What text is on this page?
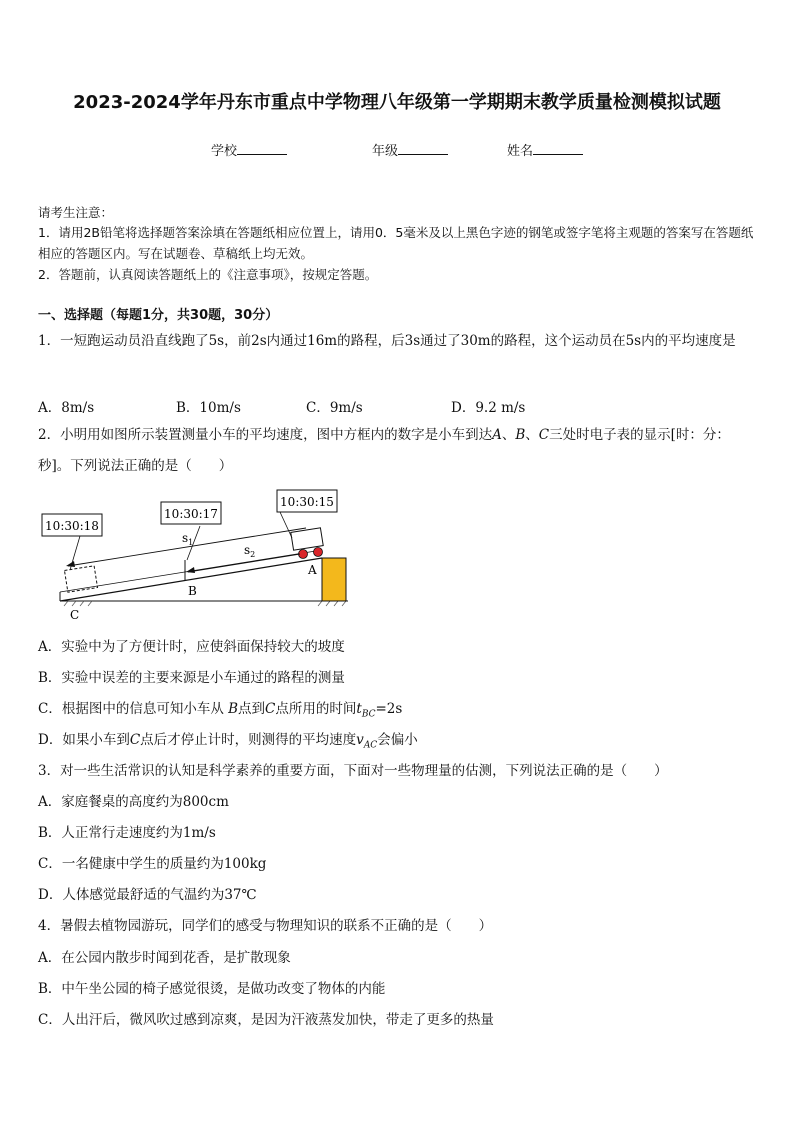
2023-2024学年丹东市重点中学物理八年级第一学期期末教学质量检测模拟试题
学校	年级	姓名
请考生注意：
1．请用2B铅笔将选择题答案涂填在答题纸相应位置上，请用0．5毫米及以上黑色字迹的钢笔或签字笔将主观题的答案写在答题纸相应的答题区内。写在试题卷、草稿纸上均无效。
2．答题前，认真阅读答题纸上的《注意事项》，按规定答题。
一、选择题（每题1分，共30题，30分）
1．一短跑运动员沿直线跑了5s，前2s内通过16m的路程，后3s通过了30m的路程，这个运动员在5s内的平均速度是
A．8m/s	B．10m/s	C．9m/s	D．9.2 m/s
2．小明用如图所示装置测量小车的平均速度，图中方框内的数字是小车到达A、B、C三处时电子表的显示[时：分：秒]。下列说法正确的是（　　）
10:30:18
10:30:17
10:30:15
$s_1$
$s_2$
A
B
C
A．实验中为了方便计时，应使斜面保持较大的坡度
B．实验中误差的主要来源是小车通过的路程的测量
C．根据图中的信息可知小车从 B点到C点所用的时间$t_{BC}=2s$
D．如果小车到C点后才停止计时，则测得的平均速度$v_{AC}$会偏小
3．对一些生活常识的认知是科学素养的重要方面，下面对一些物理量的估测，下列说法正确的是（　　）
A．家庭餐桌的高度约为800cm
B．人正常行走速度约为1m/s
C．一名健康中学生的质量约为100kg
D．人体感觉最舒适的气温约为37℃
4．暑假去植物园游玩，同学们的感受与物理知识的联系不正确的是（　　）
A．在公园内散步时闻到花香，是扩散现象
B．中午坐公园的椅子感觉很烫，是做功改变了物体的内能
C．人出汗后，微风吹过感到凉爽，是因为汗液蒸发加快，带走了更多的热量
